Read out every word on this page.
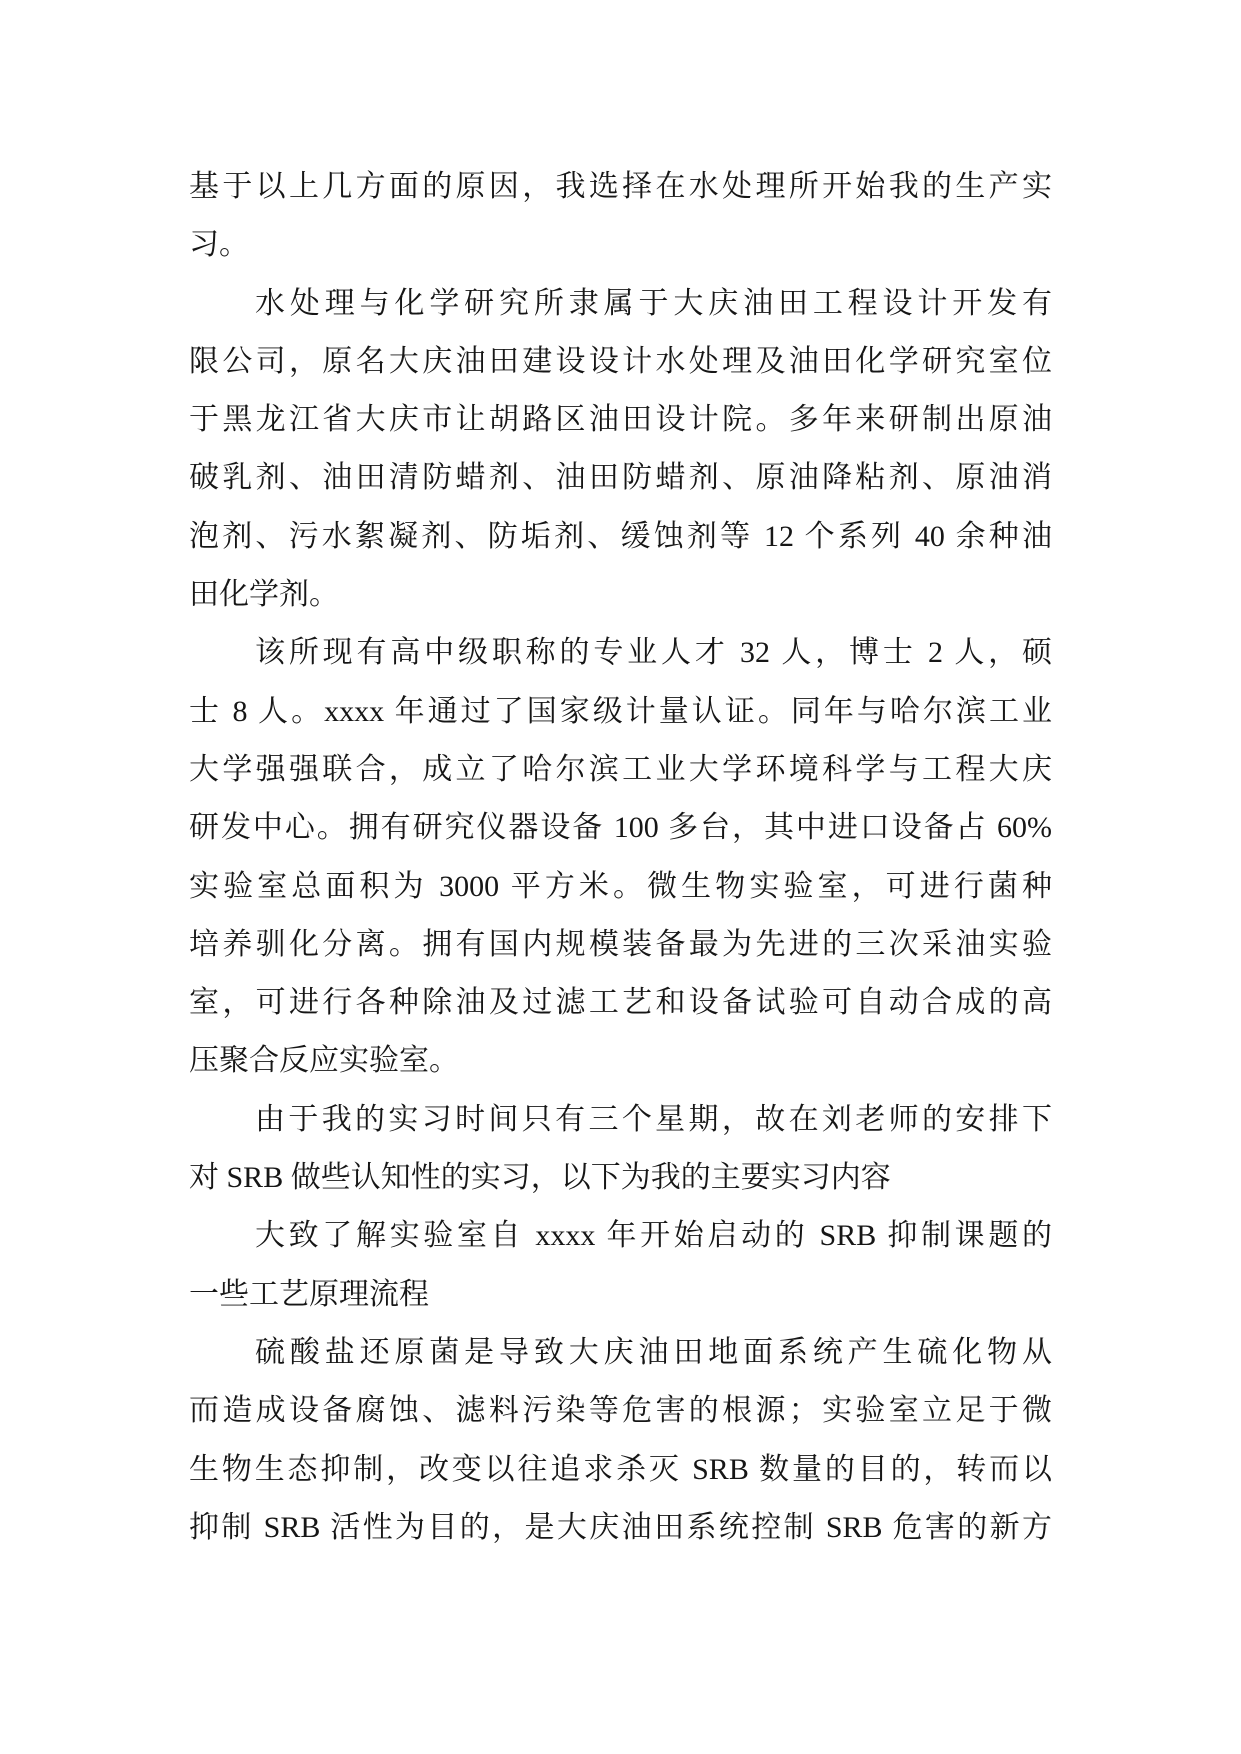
基于以上几方面的原因，我选择在水处理所开始我的生产实
习。
水处理与化学研究所隶属于大庆油田工程设计开发有
限公司，原名大庆油田建设设计水处理及油田化学研究室位
于黑龙江省大庆市让胡路区油田设计院。多年来研制出原油
破乳剂、油田清防蜡剂、油田防蜡剂、原油降粘剂、原油消
泡剂、污水絮凝剂、防垢剂、缓蚀剂等 12 个系列 40 余种油
田化学剂。
该所现有高中级职称的专业人才 32 人，博士 2 人，硕
士 8 人。xxxx 年通过了国家级计量认证。同年与哈尔滨工业
大学强强联合，成立了哈尔滨工业大学环境科学与工程大庆
研发中心。拥有研究仪器设备 100 多台，其中进口设备占 60%
实验室总面积为 3000 平方米。微生物实验室，可进行菌种
培养驯化分离。拥有国内规模装备最为先进的三次采油实验
室，可进行各种除油及过滤工艺和设备试验可自动合成的高
压聚合反应实验室。
由于我的实习时间只有三个星期，故在刘老师的安排下
对 SRB 做些认知性的实习，以下为我的主要实习内容
大致了解实验室自 xxxx 年开始启动的 SRB 抑制课题的
一些工艺原理流程
硫酸盐还原菌是导致大庆油田地面系统产生硫化物从
而造成设备腐蚀、滤料污染等危害的根源；实验室立足于微
生物生态抑制，改变以往追求杀灭 SRB 数量的目的，转而以
抑制 SRB 活性为目的，是大庆油田系统控制 SRB 危害的新方
